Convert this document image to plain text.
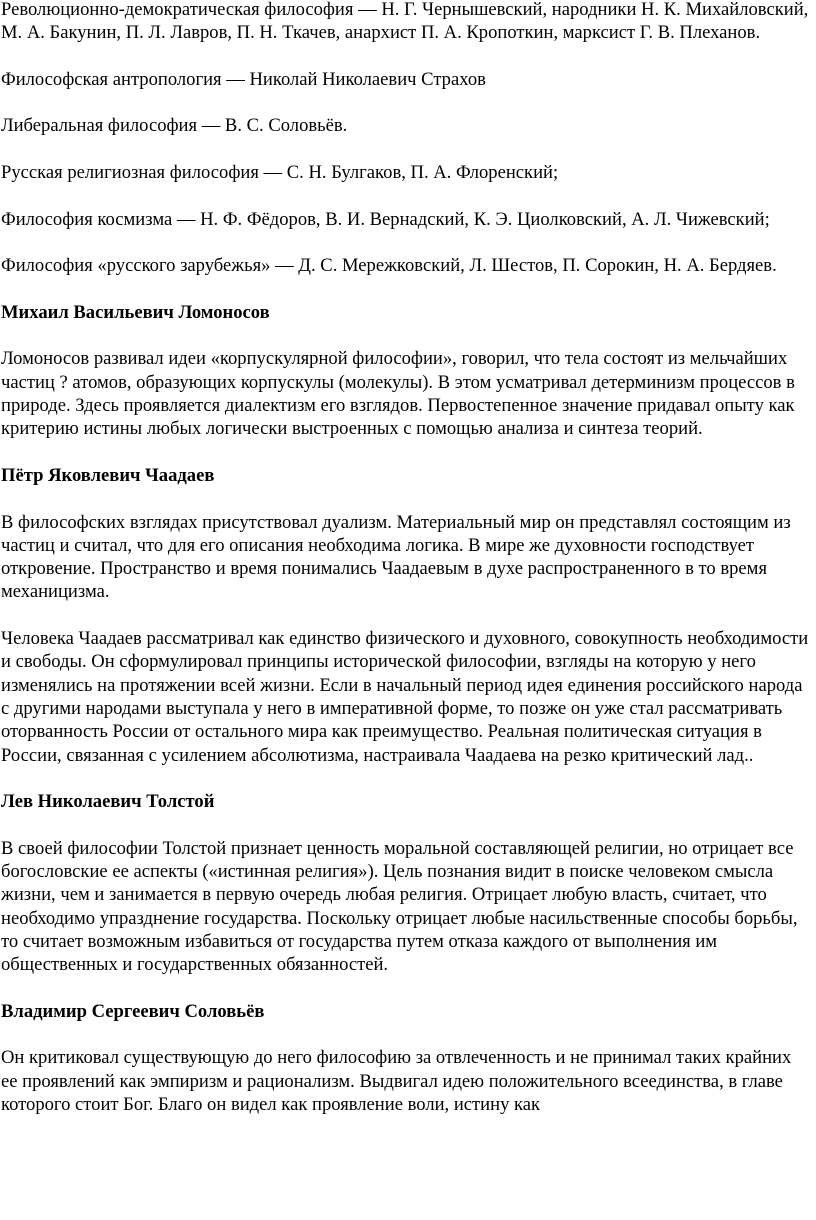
Революционно-демократическая философия — Н. Г. Чернышевский, народники Н. К. Михайловский, М. А. Бакунин, П. Л. Лавров, П. Н. Ткачев, анархист П. А. Кропоткин, марксист Г. В. Плеханов.

Философская антропология — Николай Николаевич Страхов

Либеральная философия — В. С. Соловьёв.

Русская религиозная философия — С. Н. Булгаков, П. А. Флоренский;

Философия космизма — Н. Ф. Фёдоров, В. И. Вернадский, К. Э. Циолковский, А. Л. Чижевский;

Философия «русского зарубежья» — Д. С. Мережковский, Л. Шестов, П. Сорокин, Н. А. Бердяев.

Михаил Васильевич Ломоносов

Ломоносов развивал идеи «корпускулярной философии», говорил, что тела состоят из мельчайших частиц ? атомов, образующих корпускулы (молекулы). В этом усматривал детерминизм процессов в природе. Здесь проявляется диалектизм его взглядов. Первостепенное значение придавал опыту как критерию истины любых логически выстроенных с помощью анализа и синтеза теорий.

Пётр Яковлевич Чаадаев

В философских взглядах присутствовал дуализм. Материальный мир он представлял состоящим из частиц и считал, что для его описания необходима логика. В мире же духовности господствует откровение. Пространство и время понимались Чаадаевым в духе распространенного в то время механицизма.

Человека Чаадаев рассматривал как единство физического и духовного, совокупность необходимости и свободы. Он сформулировал принципы исторической философии, взгляды на которую у него изменялись на протяжении всей жизни. Если в начальный период идея единения российского народа с другими народами выступала у него в императивной форме, то позже он уже стал рассматривать оторванность России от остального мира как преимущество. Реальная политическая ситуация в России, связанная с усилением абсолютизма, настраивала Чаадаева на резко критический лад..

Лев Николаевич Толстой

В своей философии Толстой признает ценность моральной составляющей религии, но отрицает все богословские ее аспекты («истинная религия»). Цель познания видит в поиске человеком смысла жизни, чем и занимается в первую очередь любая религия. Отрицает любую власть, считает, что необходимо упразднение государства. Поскольку отрицает любые насильственные способы борьбы, то считает возможным избавиться от государства путем отказа каждого от выполнения им общественных и государственных обязанностей.

Владимир Сергеевич Соловьёв

Он критиковал существующую до него философию за отвлеченность и не принимал таких крайних ее проявлений как эмпиризм и рационализм. Выдвигал идею положительного всеединства, в главе которого стоит Бог. Благо он видел как проявление воли, истину как
